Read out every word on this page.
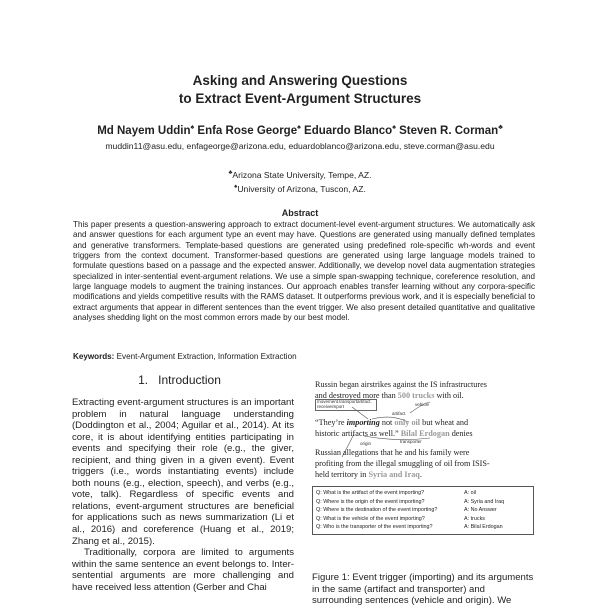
Asking and Answering Questions
to Extract Event-Argument Structures
Md Nayem Uddin♠ Enfa Rose George♠ Eduardo Blanco♠ Steven R. Corman♣
muddin11@asu.edu, enfageorge@arizona.edu, eduardoblanco@arizona.edu, steve.corman@asu.edu
♣Arizona State University, Tempe, AZ.
♠University of Arizona, Tuscon, AZ.
Abstract
This paper presents a question-answering approach to extract document-level event-argument structures. We automatically ask and answer questions for each argument type an event may have. Questions are generated using manually defined templates and generative transformers. Template-based questions are generated using predefined role-specific wh-words and event triggers from the context document. Transformer-based questions are generated using large language models trained to formulate questions based on a passage and the expected answer. Additionally, we develop novel data augmentation strategies specialized in inter-sentential event-argument relations. We use a simple span-swapping technique, coreference resolution, and large language models to augment the training instances. Our approach enables transfer learning without any corpora-specific modifications and yields competitive results with the RAMS dataset. It outperforms previous work, and it is especially beneficial to extract arguments that appear in different sentences than the event trigger. We also present detailed quantitative and qualitative analyses shedding light on the most common errors made by our best model.
Keywords: Event-Argument Extraction, Information Extraction
1. Introduction

Extracting event-argument structures is an important problem in natural language understanding (Doddington et al., 2004; Aguilar et al., 2014). At its core, it is about identifying entities participating in events and specifying their role (e.g., the giver, recipient, and thing given in a given event). Event triggers (i.e., words instantiating events) include both nouns (e.g., election, speech), and verbs (e.g., vote, talk). Regardless of specific events and relations, event-argument structures are beneficial for applications such as news summarization (Li et al., 2016) and coreference (Huang et al., 2019; Zhang et al., 2015).

Traditionally, corpora are limited to arguments within the same sentence an event belongs to. Inter-sentential arguments are more challenging and have received less attention (Gerber and Chai

Russin began airstrikes against the IS infrastructures
and destroyed more than 500 trucks with oil.
movement.transportartifact.
receiveimport	vehicle
artifact
“They’re importing not only oil but wheat and
historic artifacts as well.” Bilal Erdogan denies
origin	transporter
Russian allegations that he and his family were
profiting from the illegal smuggling of oil from ISIS-
held territory in Syria and Iraq.
Q: What is the artifact of the event importing?	A: oil
Q: Where is the origin of the event importing?	A: Syria and Iraq
Q: Where is the destination of the event importing?	A: No Answer
Q: What is the vehicle of the event importing?	A: trucks
Q: Who is the transporter of the event importing?	A: Bilal Erdogan
Figure 1: Event trigger (importing) and its arguments in the same (artifact and transporter) and surrounding sentences (vehicle and origin). We
